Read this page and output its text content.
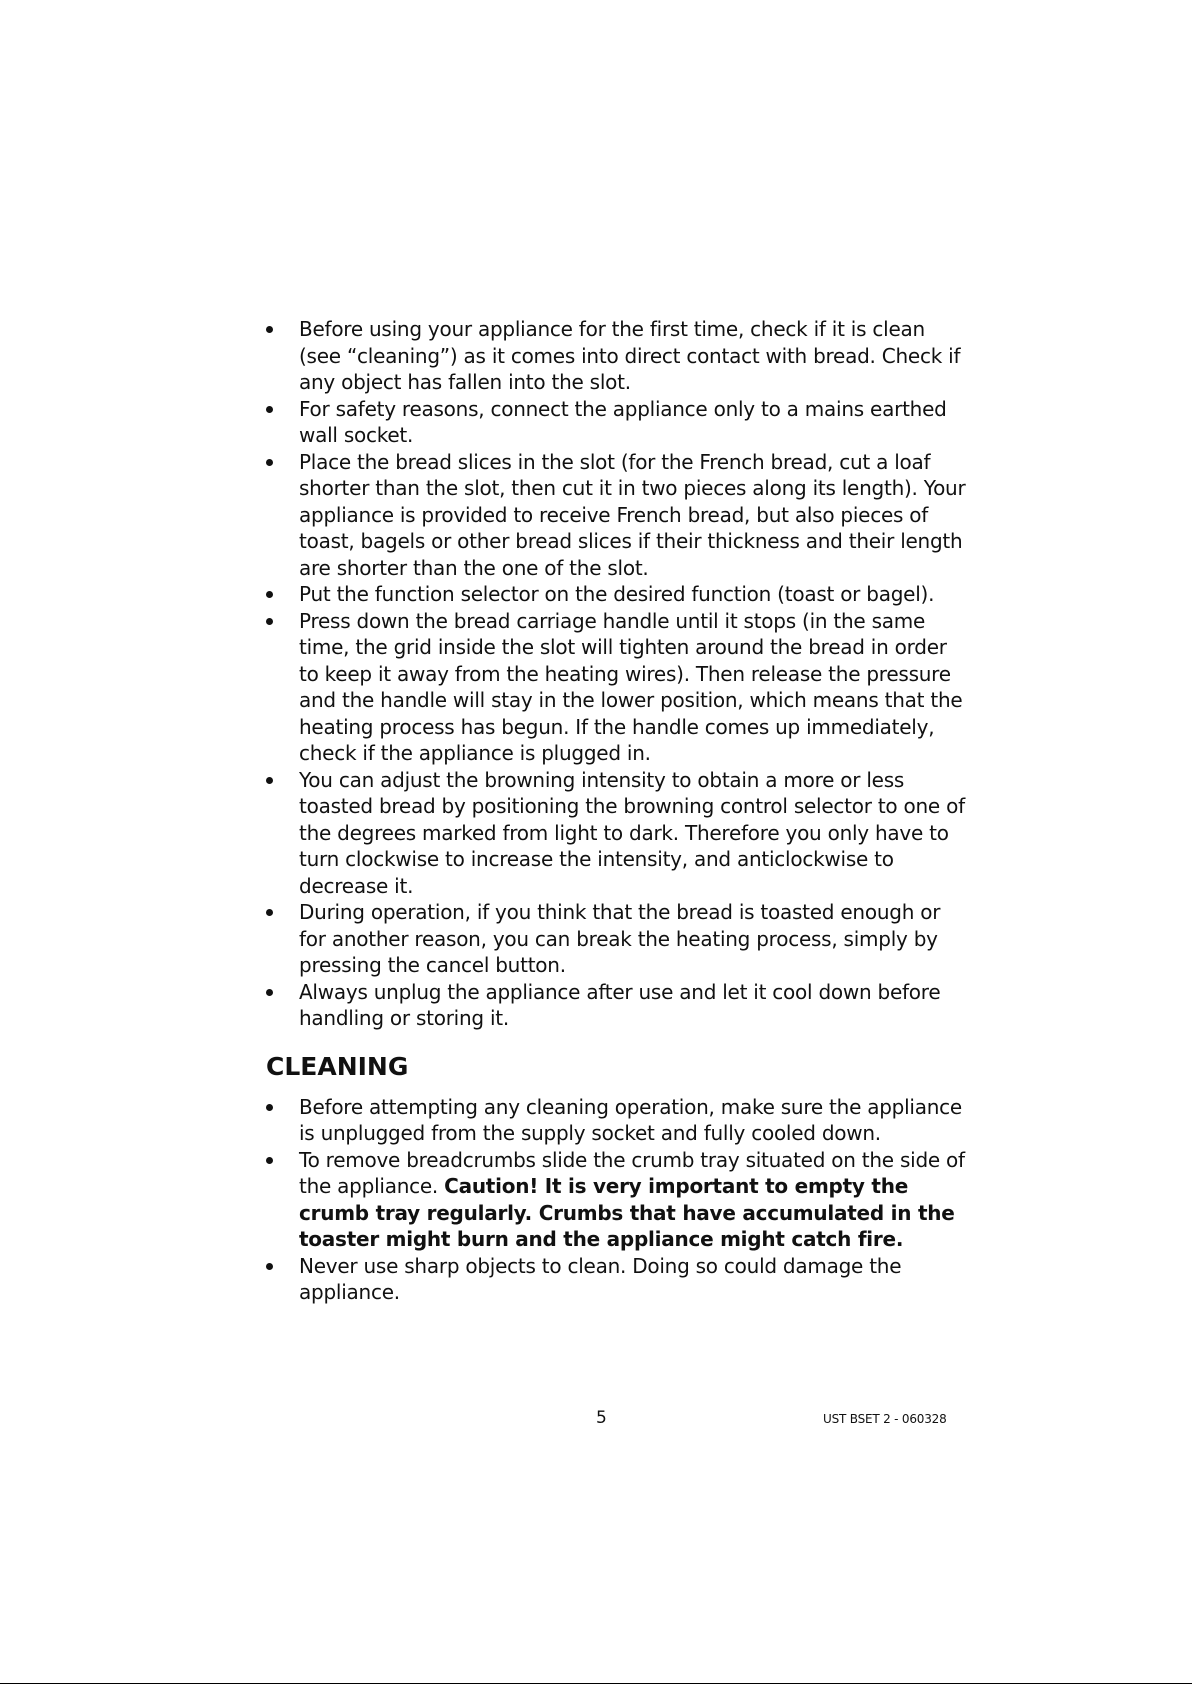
Before using your appliance for the first time, check if it is clean (see “cleaning”) as it comes into direct contact with bread. Check if any object has fallen into the slot.
For safety reasons, connect the appliance only to a mains earthed wall socket.
Place the bread slices in the slot (for the French bread, cut a loaf shorter than the slot, then cut it in two pieces along its length). Your appliance is provided to receive French bread, but also pieces of toast, bagels or other bread slices if their thickness and their length are shorter than the one of the slot.
Put the function selector on the desired function (toast or bagel).
Press down the bread carriage handle until it stops (in the same time, the grid inside the slot will tighten around the bread in order to keep it away from the heating wires). Then release the pressure and the handle will stay in the lower position, which means that the heating process has begun. If the handle comes up immediately, check if the appliance is plugged in.
You can adjust the browning intensity to obtain a more or less toasted bread by positioning the browning control selector to one of the degrees marked from light to dark. Therefore you only have to turn clockwise to increase the intensity, and anticlockwise to decrease it.
During operation, if you think that the bread is toasted enough or for another reason, you can break the heating process, simply by pressing the cancel button.
Always unplug the appliance after use and let it cool down before handling or storing it.
CLEANING
Before attempting any cleaning operation, make sure the appliance is unplugged from the supply socket and fully cooled down.
To remove breadcrumbs slide the crumb tray situated on the side of the appliance. Caution! It is very important to empty the crumb tray regularly. Crumbs that have accumulated in the toaster might burn and the appliance might catch fire.
Never use sharp objects to clean. Doing so could damage the appliance.
5	UST BSET 2 - 060328
